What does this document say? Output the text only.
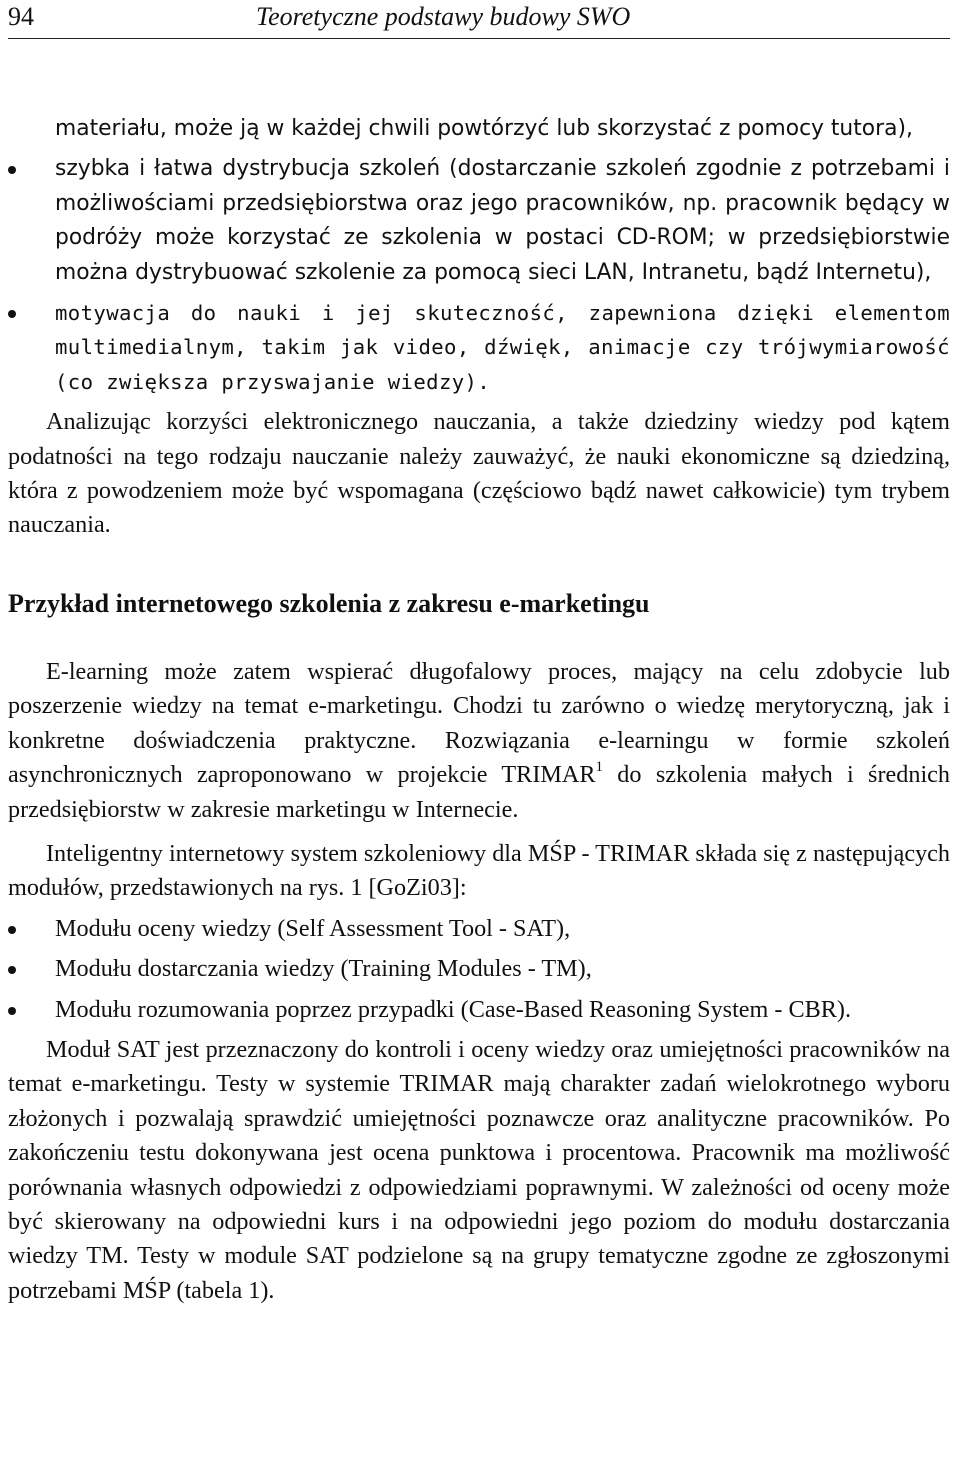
94	Teoretyczne podstawy budowy SWO

materiału, może ją w każdej chwili powtórzyć lub skorzystać z pomocy tutora),

szybka i łatwa dystrybucja szkoleń (dostarczanie szkoleń zgodnie z potrzebami i możliwościami przedsiębiorstwa oraz jego pracowników, np. pracownik będący w podróży może korzystać ze szkolenia w postaci CD-ROM; w przedsiębiorstwie można dystrybuować szkolenie za pomocą sieci LAN, Intranetu, bądź Internetu),
motywacja do nauki i jej skuteczność, zapewniona dzięki elementom multimedialnym, takim jak video, dźwięk, animacje czy trójwymiarowość (co zwiększa przyswajanie wiedzy).

Analizując korzyści elektronicznego nauczania, a także dziedziny wiedzy pod kątem podatności na tego rodzaju nauczanie należy zauważyć, że nauki ekonomiczne są dziedziną, która z powodzeniem może być wspomagana (częściowo bądź nawet całkowicie) tym trybem nauczania.

Przykład internetowego szkolenia z zakresu e-marketingu

E-learning może zatem wspierać długofalowy proces, mający na celu zdobycie lub poszerzenie wiedzy na temat e-marketingu. Chodzi tu zarówno o wiedzę merytoryczną, jak i konkretne doświadczenia praktyczne. Rozwiązania e-learningu w formie szkoleń asynchronicznych zaproponowano w projekcie TRIMAR$^1$ do szkolenia małych i średnich przedsiębiorstw w zakresie marketingu w Internecie.

Inteligentny internetowy system szkoleniowy dla MŚP - TRIMAR składa się z następujących modułów, przedstawionych na rys. 1 [GoZi03]:

Modułu oceny wiedzy (Self Assessment Tool - SAT),
Modułu dostarczania wiedzy (Training Modules - TM),
Modułu rozumowania poprzez przypadki (Case-Based Reasoning System - CBR).

Moduł SAT jest przeznaczony do kontroli i oceny wiedzy oraz umiejętności pracowników na temat e-marketingu. Testy w systemie TRIMAR mają charakter zadań wielokrotnego wyboru złożonych i pozwalają sprawdzić umiejętności poznawcze oraz analityczne pracowników. Po zakończeniu testu dokonywana jest ocena punktowa i procentowa. Pracownik ma możliwość porównania własnych odpowiedzi z odpowiedziami poprawnymi. W zależności od oceny może być skierowany na odpowiedni kurs i na odpowiedni jego poziom do modułu dostarczania wiedzy TM. Testy w module SAT podzielone są na grupy tematyczne zgodne ze zgłoszonymi potrzebami MŚP (tabela 1).
